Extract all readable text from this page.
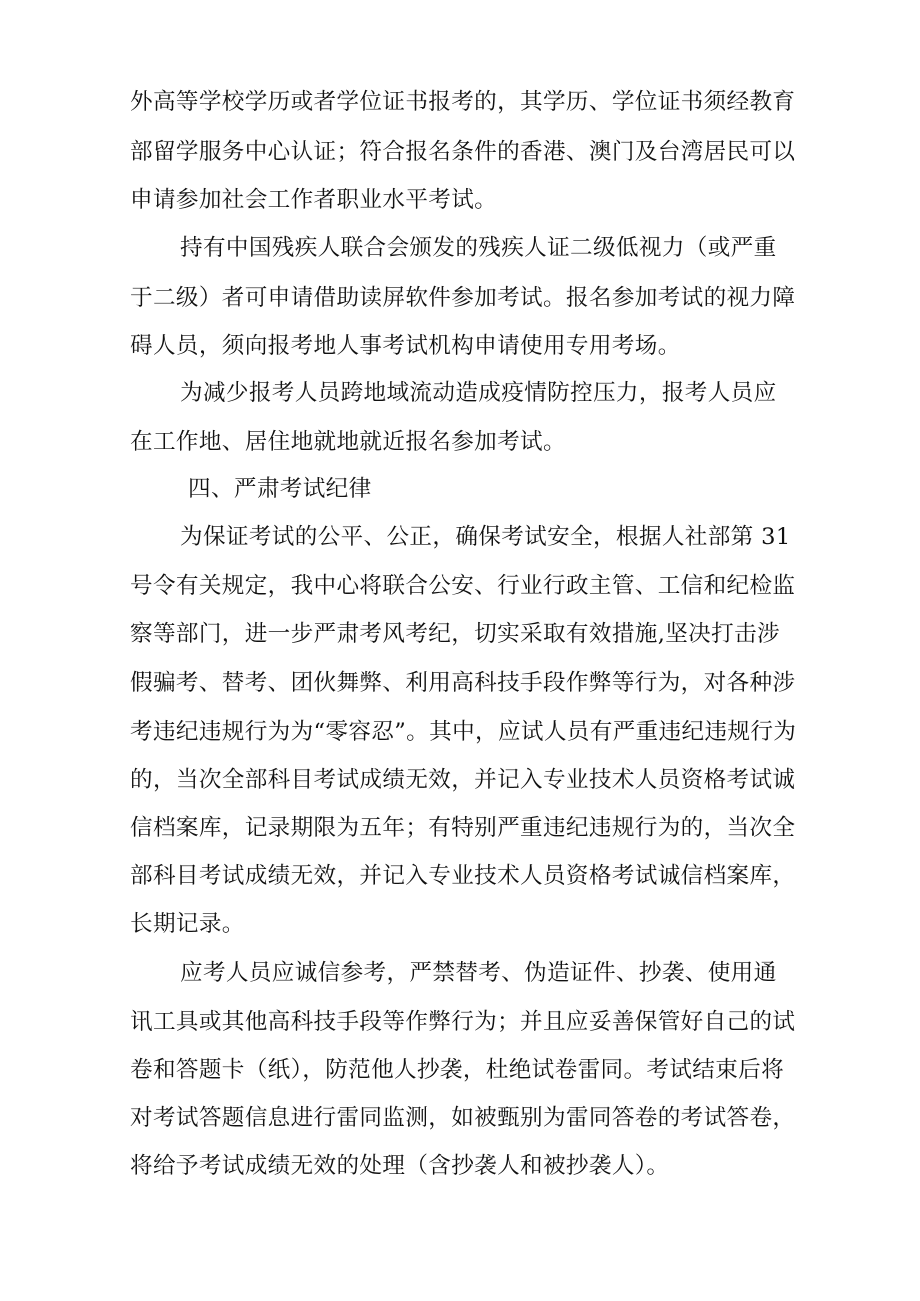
外高等学校学历或者学位证书报考的，其学历、学位证书须经教育

部留学服务中心认证；符合报名条件的香港、澳门及台湾居民可以

申请参加社会工作者职业水平考试。

持有中国残疾人联合会颁发的残疾人证二级低视力（或严重

于二级）者可申请借助读屏软件参加考试。报名参加考试的视力障

碍人员，须向报考地人事考试机构申请使用专用考场。

为减少报考人员跨地域流动造成疫情防控压力，报考人员应

在工作地、居住地就地就近报名参加考试。

四、严肃考试纪律

为保证考试的公平、公正，确保考试安全，根据人社部第 31

号令有关规定，我中心将联合公安、行业行政主管、工信和纪检监

察等部门，进一步严肃考风考纪，切实采取有效措施,坚决打击涉

假骗考、替考、团伙舞弊、利用高科技手段作弊等行为，对各种涉

考违纪违规行为为“零容忍”。其中，应试人员有严重违纪违规行为

的，当次全部科目考试成绩无效，并记入专业技术人员资格考试诚

信档案库，记录期限为五年；有特别严重违纪违规行为的，当次全

部科目考试成绩无效，并记入专业技术人员资格考试诚信档案库，

长期记录。

应考人员应诚信参考，严禁替考、伪造证件、抄袭、使用通

讯工具或其他高科技手段等作弊行为；并且应妥善保管好自己的试

卷和答题卡（纸），防范他人抄袭，杜绝试卷雷同。考试结束后将

对考试答题信息进行雷同监测，如被甄别为雷同答卷的考试答卷，

将给予考试成绩无效的处理（含抄袭人和被抄袭人）。
